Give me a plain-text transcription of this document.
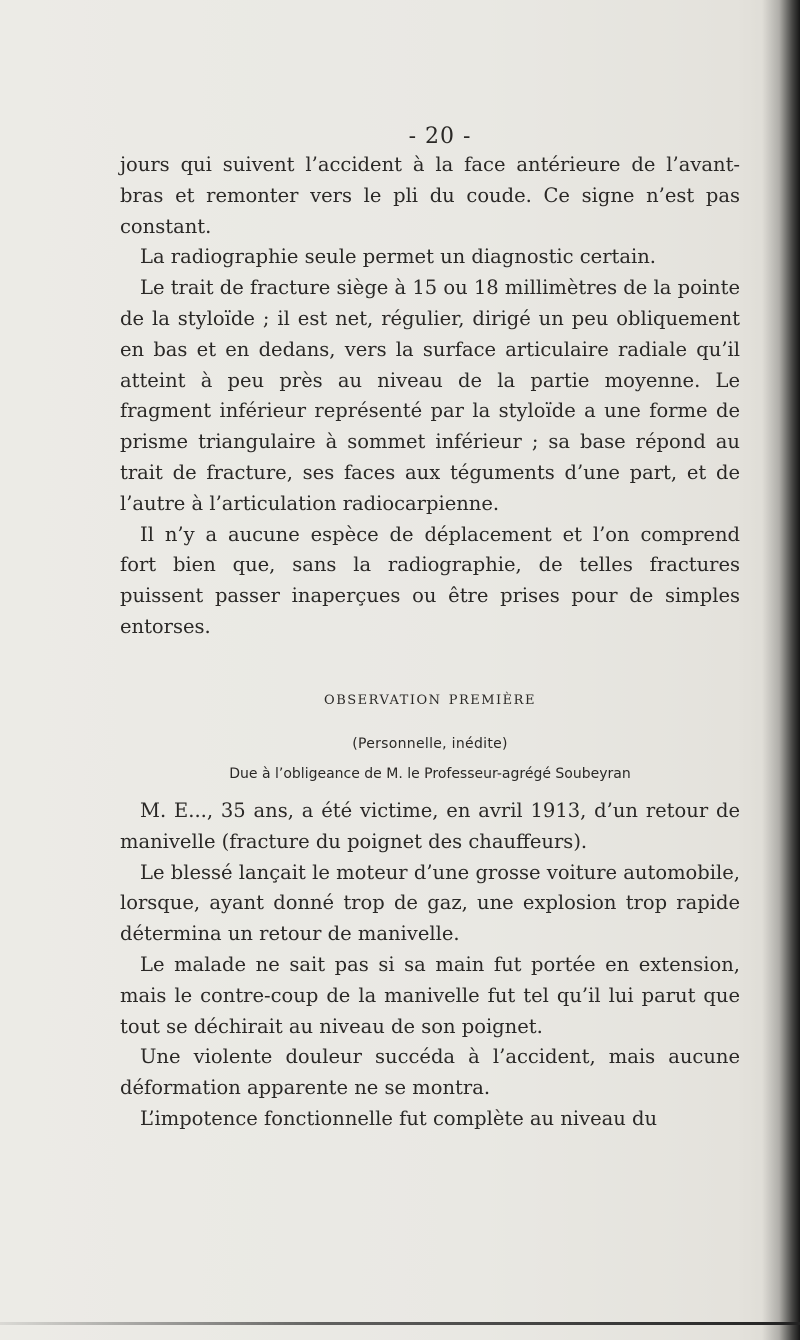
- 20 -

jours qui suivent l’accident à la face antérieure de l’avant-bras et remonter vers le pli du coude. Ce signe n’est pas constant.

La radiographie seule permet un diagnostic certain.

Le trait de fracture siège à 15 ou 18 millimètres de la pointe de la styloïde ; il est net, régulier, dirigé un peu obliquement en bas et en dedans, vers la surface articulaire radiale qu’il atteint à peu près au niveau de la partie moyenne. Le fragment inférieur représenté par la styloïde a une forme de prisme triangulaire à sommet inférieur ; sa base répond au trait de fracture, ses faces aux téguments d’une part, et de l’autre à l’articulation radiocarpienne.

Il n’y a aucune espèce de déplacement et l’on comprend fort bien que, sans la radiographie, de telles fractures puissent passer inaperçues ou être prises pour de simples entorses.

observation première
(Personnelle, inédite)
Due à l’obligeance de M. le Professeur-agrégé Soubeyran

M. E..., 35 ans, a été victime, en avril 1913, d’un retour de manivelle (fracture du poignet des chauffeurs).

Le blessé lançait le moteur d’une grosse voiture automobile, lorsque, ayant donné trop de gaz, une explosion trop rapide détermina un retour de manivelle.

Le malade ne sait pas si sa main fut portée en extension, mais le contre-coup de la manivelle fut tel qu’il lui parut que tout se déchirait au niveau de son poignet.

Une violente douleur succéda à l’accident, mais aucune déformation apparente ne se montra.

L’impotence fonctionnelle fut complète au niveau du
